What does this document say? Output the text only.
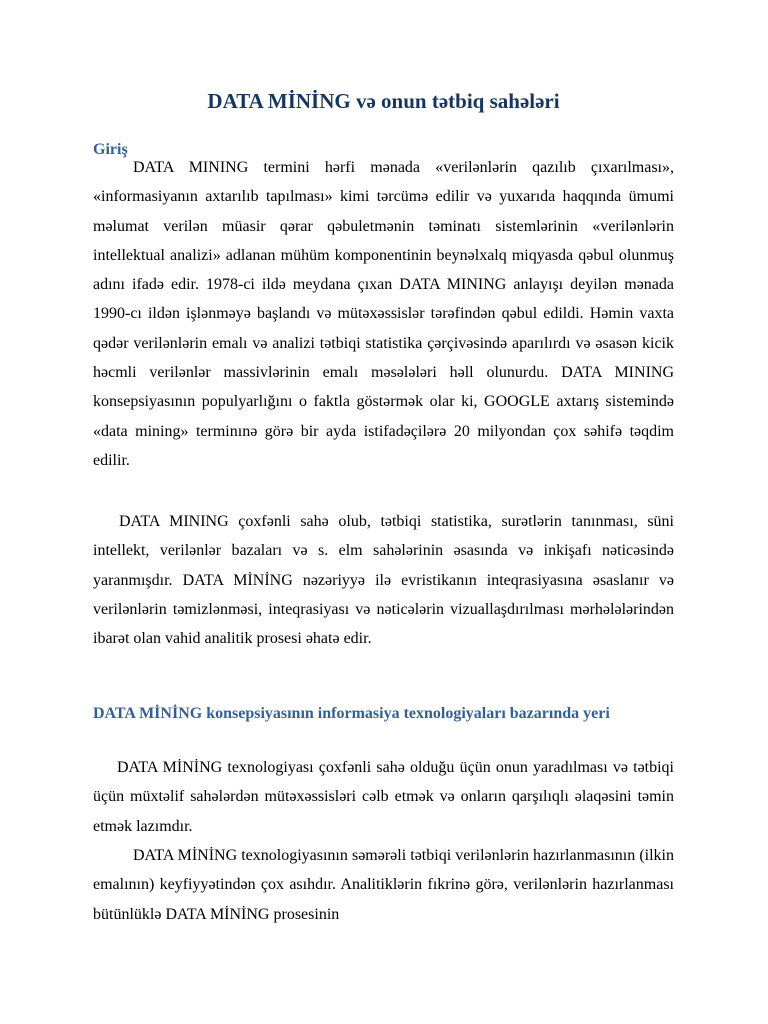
DATA MİNİNG və onun tətbiq sahələri
Giriş

DATA MINING termini hərfi mənada «verilənlərin qazılıb çıxarılması», «informasiyanın axtarılıb tapılması» kimi tərcümə edilir və yuxarıda haqqında ümumi məlumat verilən müasir qərar qəbuletmənin təminatı sistemlərinin «verilənlərin intellektual analizi» adlanan mühüm komponentinin beynəlxalq miqyasda qəbul olunmuş adını ifadə edir. 1978-ci ildə meydana çıxan DATA MINING anlayışı deyilən mənada 1990-cı ildən işlənməyə başlandı və mütəxəssislər tərəfindən qəbul edildi. Həmin vaxta qədər verilənlərin emalı və analizi tətbiqi statistika çərçivəsində aparılırdı və əsasən kicik həcmli verilənlər massivlərinin emalı məsələləri həll olunurdu. DATA MINING konsepsiyasının populyarlığını o faktla göstərmək olar ki, GOOGLE axtarış sistemində «data mining» terminınə görə bir ayda istifadəçilərə 20 milyondan çox səhifə təqdim edilir.

DATA MINING çoxfənli sahə olub, tətbiqi statistika, surətlərin tanınması, süni intellekt, verilənlər bazaları və s. elm sahələrinin əsasında və inkişafı nəticəsində yaranmışdır. DATA MİNİNG nəzəriyyə ilə evristikanın inteqrasiyasına əsaslanır və verilənlərin təmizlənməsi, inteqrasiyası və nəticələrin vizuallaşdırılması mərhələlərindən ibarət olan vahid analitik prosesi əhatə edir.

DATA MİNİNG konsepsiyasının informasiya texnologiyaları bazarında yeri

DATA MİNİNG texnologiyası çoxfənli sahə olduğu üçün onun yaradılması və tətbiqi üçün müxtəlif sahələrdən mütəxəssisləri cəlb etmək və onların qarşılıqlı əlaqəsini təmin etmək lazımdır.

DATA MİNİNG texnologiyasının səmərəli tətbiqi verilənlərin hazırlanmasının (ilkin emalının) keyfiyyətindən çox asıhdır. Analitiklərin fıkrinə görə, verilənlərin hazırlanması bütünlüklə DATA MİNİNG prosesinin
